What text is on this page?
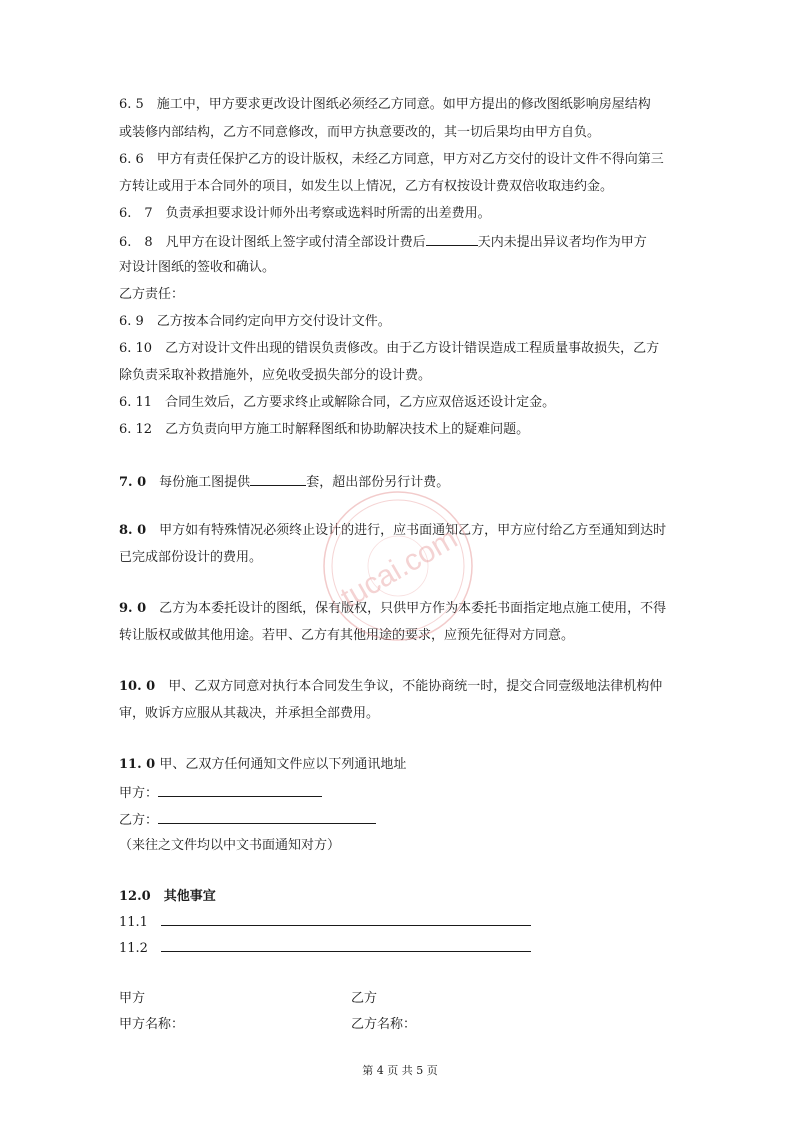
6. 5　施工中，甲方要求更改设计图纸必须经乙方同意。如甲方提出的修改图纸影响房屋结构
或装修内部结构，乙方不同意修改，而甲方执意要改的，其一切后果均由甲方自负。
6. 6　甲方有责任保护乙方的设计版权，未经乙方同意，甲方对乙方交付的设计文件不得向第三
方转让或用于本合同外的项目，如发生以上情况，乙方有权按设计费双倍收取违约金。
6.　7　负责承担要求设计师外出考察或选料时所需的出差费用。
6.　8　凡甲方在设计图纸上签字或付清全部设计费后	天内未提出异议者均作为甲方
对设计图纸的签收和确认。
乙方责任：
6. 9　乙方按本合同约定向甲方交付设计文件。
6. 10　乙方对设计文件出现的错误负责修改。由于乙方设计错误造成工程质量事故损失，乙方
除负责采取补救措施外，应免收受损失部分的设计费。
6. 11　合同生效后，乙方要求终止或解除合同，乙方应双倍返还设计定金。
6. 12　乙方负责向甲方施工时解释图纸和协助解决技术上的疑难问题。
7. 0　 每份施工图提供	套，超出部份另行计费。
8. 0　 甲方如有特殊情况必须终止设计的进行，应书面通知乙方，甲方应付给乙方至通知到达时
已完成部份设计的费用。
9. 0　 乙方为本委托设计的图纸，保有版权，只供甲方作为本委托书面指定地点施工使用，不得
转让版权或做其他用途。若甲、乙方有其他用途的要求，应预先征得对方同意。
10. 0　 甲、乙双方同意对执行本合同发生争议，不能协商统一时，提交合同壹级地法律机构仲
审，败诉方应服从其裁决，并承担全部费用。
11. 0 甲、乙双方任何通知文件应以下列通讯地址
甲方：
乙方：
（来往之文件均以中文书面通知对方）
12.0　 其他事宜
11.1　
11.2　
甲方	乙方
甲方名称：	乙方名称：
第 4 页 共 5 页
tucai.com
